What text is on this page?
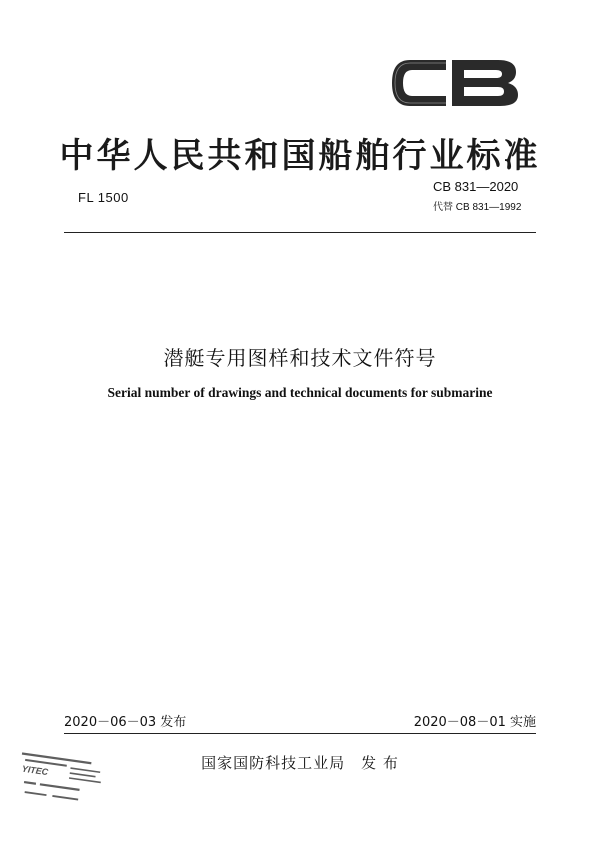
中华人民共和国船舶行业标准
FL 1500
CB 831—2020
代替 CB 831—1992
潜艇专用图样和技术文件符号
Serial number of drawings and technical documents for submarine
2020－06－03 发布	2020－08－01 实施
国家国防科技工业局　发 布
YITEC
